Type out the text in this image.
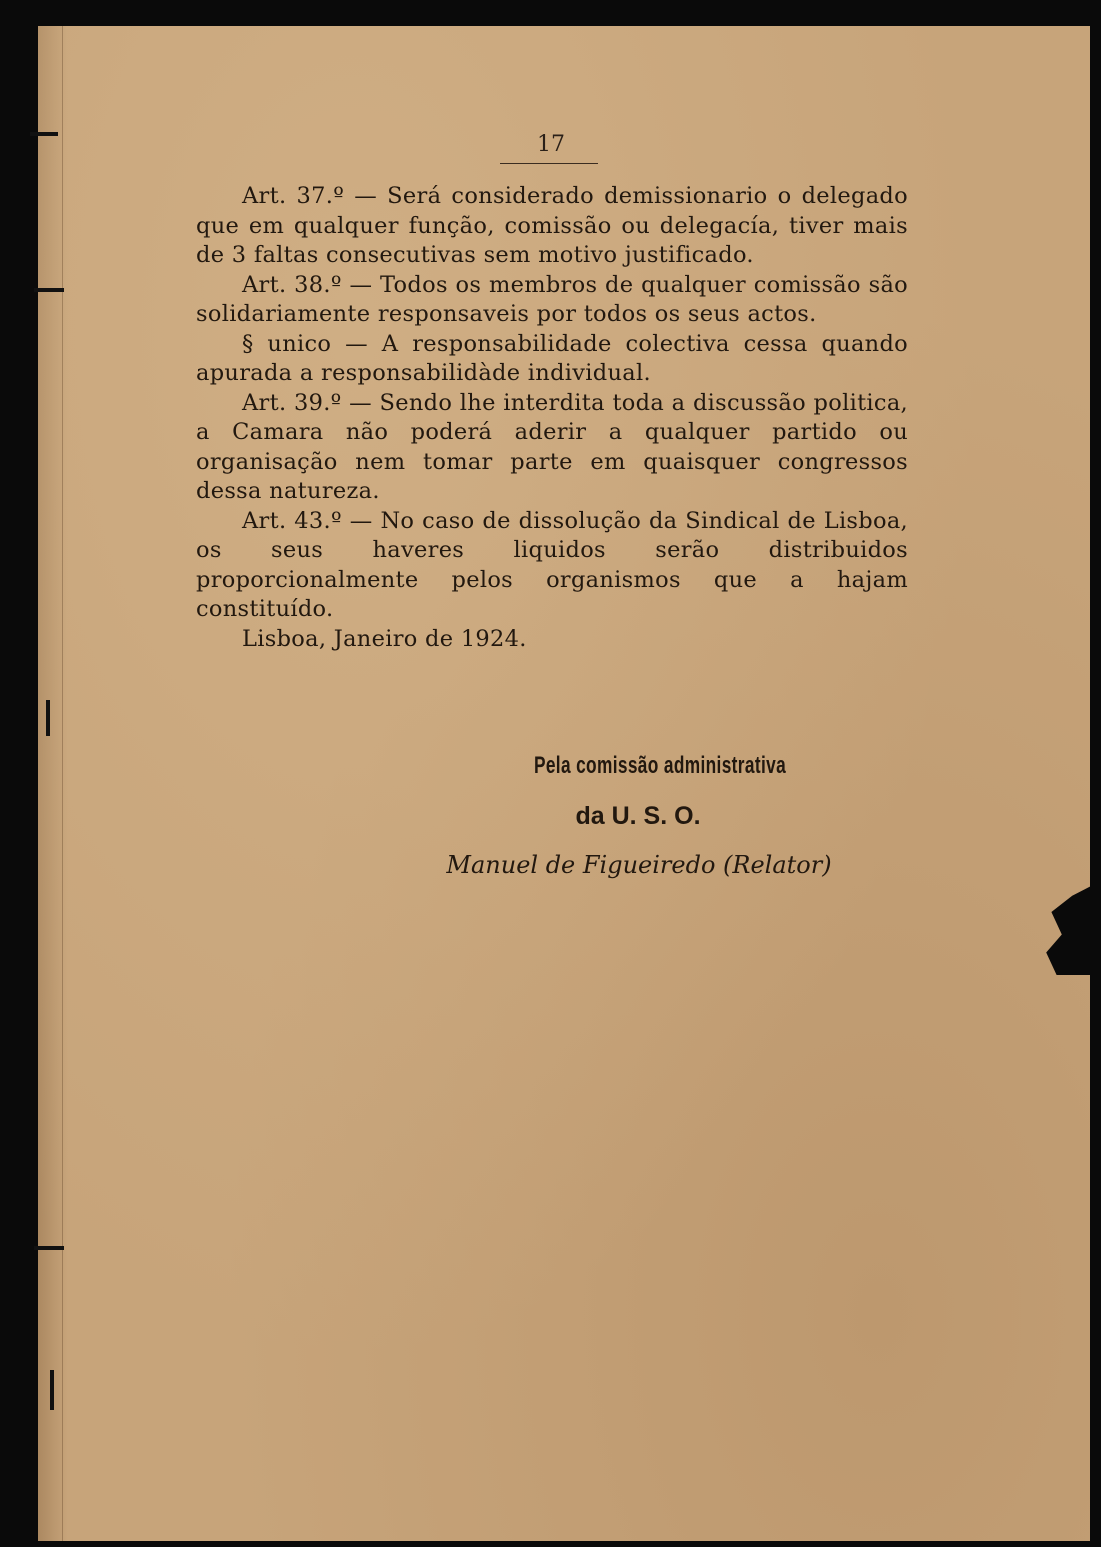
17

Art. 37.º — Será considerado demissionario o delegado que em qualquer função, comissão ou delegacía, tiver mais de 3 faltas consecutivas sem motivo justificado.

Art. 38.º — Todos os membros de qualquer comissão são solidariamente responsaveis por todos os seus actos.

§ unico — A responsabilidade colectiva cessa quando apurada a responsabilidàde individual.

Art. 39.º — Sendo lhe interdita toda a discussão politica, a Camara não poderá aderir a qualquer partido ou organisação nem tomar parte em quaisquer congressos dessa natureza.

Art. 43.º — No caso de dissolução da Sindical de Lisboa, os seus haveres liquidos serão distribuidos proporcionalmente pelos organismos que a hajam constituído.

Lisboa, Janeiro de 1924.

Pela comissão administrativa
da U. S. O.
Manuel de Figueiredo (Relator)
